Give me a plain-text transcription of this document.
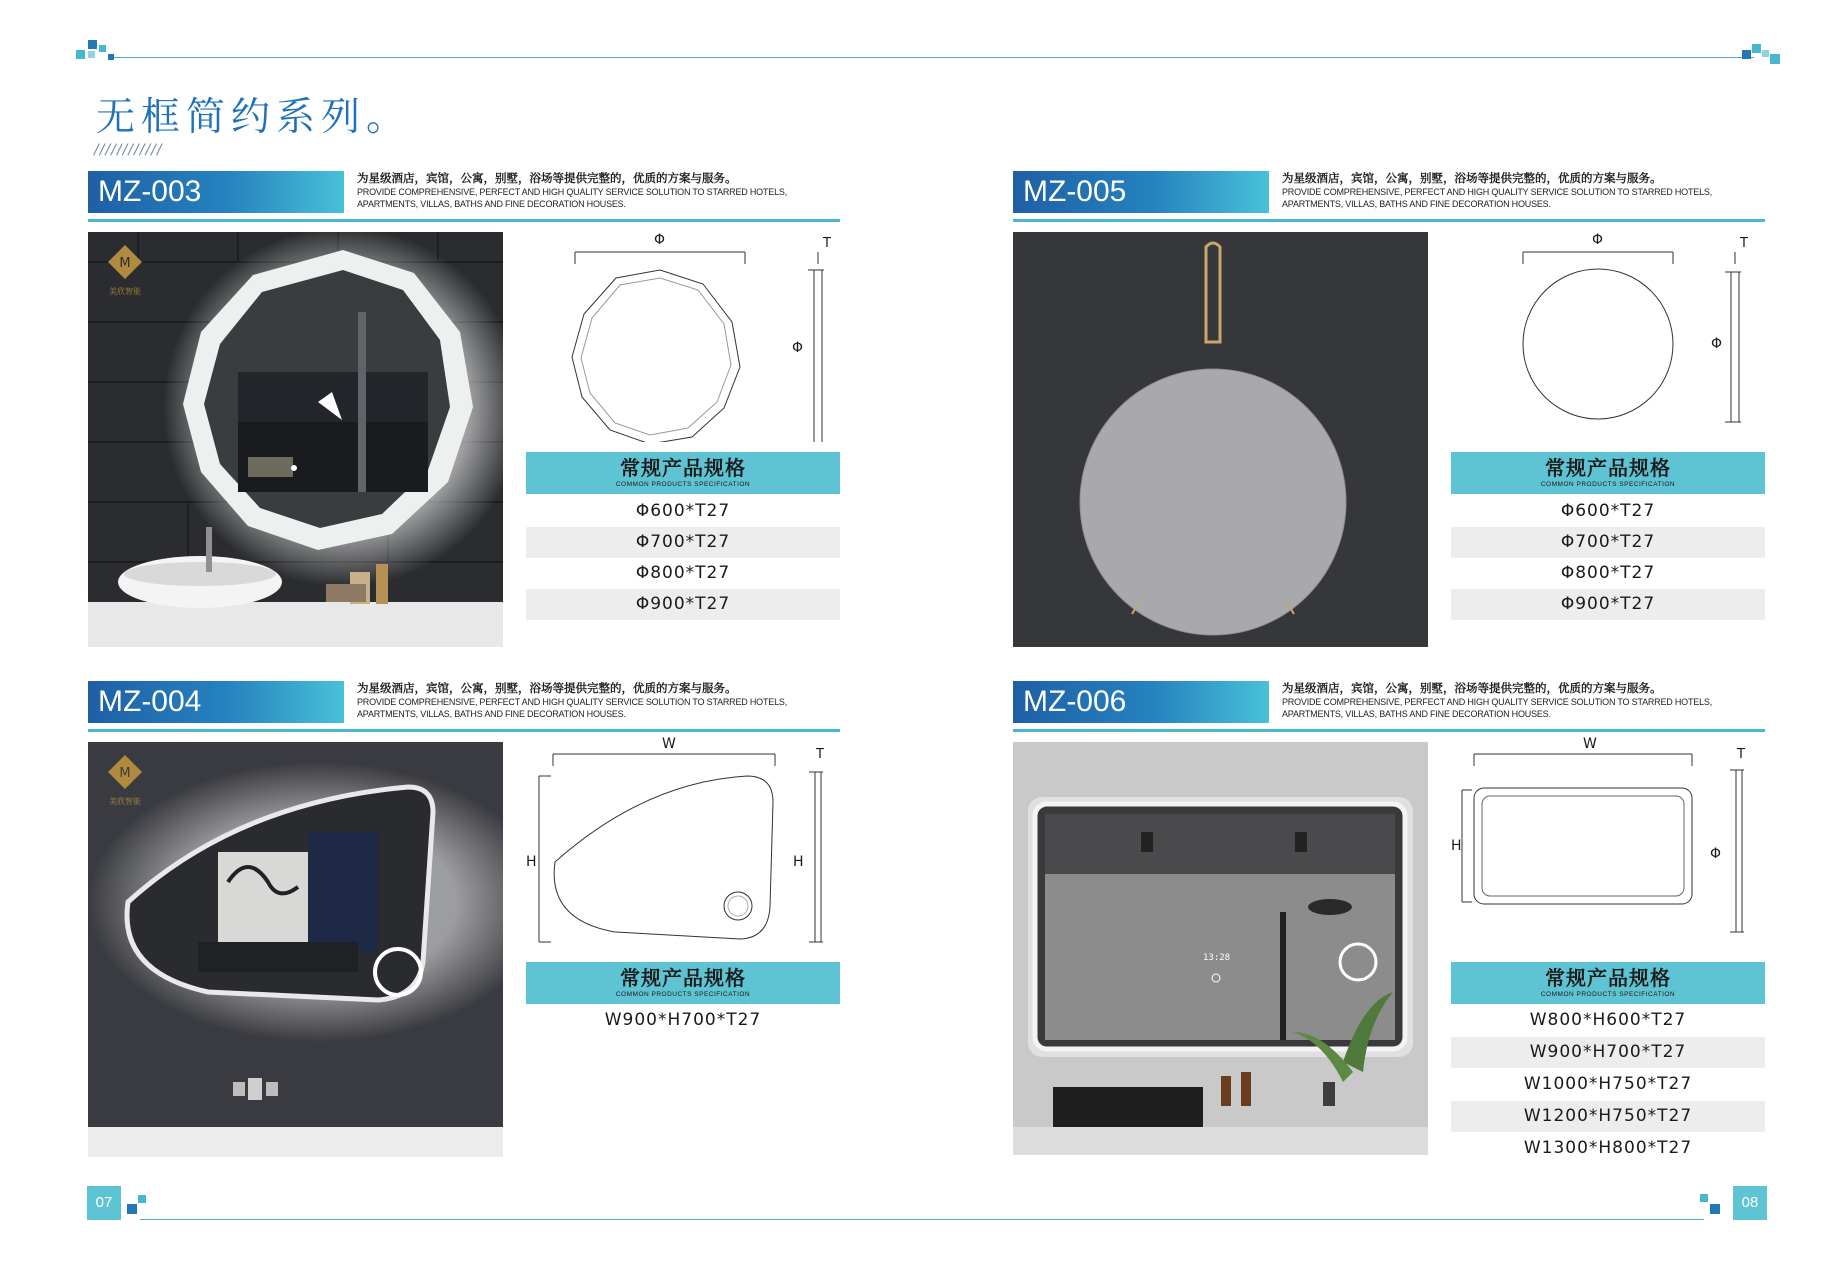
无框简约系列。
////////////
MZ-003	为星级酒店，宾馆，公寓，别墅，浴场等提供完整的，优质的方案与服务。
PROVIDE COMPREHENSIVE, PERFECT AND HIGH QUALITY SERVICE SOLUTION TO STARRED HOTELS,
APARTMENTS, VILLAS, BATHS AND FINE DECORATION HOUSES.
M
美欣智能
Φ
Φ
T
常规产品规格
COMMON PRODUCTS SPECIFICATION
Φ600*T27
Φ700*T27
Φ800*T27
Φ900*T27
MZ-005	为星级酒店，宾馆，公寓，别墅，浴场等提供完整的，优质的方案与服务。
PROVIDE COMPREHENSIVE, PERFECT AND HIGH QUALITY SERVICE SOLUTION TO STARRED HOTELS,
APARTMENTS, VILLAS, BATHS AND FINE DECORATION HOUSES.
Φ
Φ
T
常规产品规格
COMMON PRODUCTS SPECIFICATION
Φ600*T27
Φ700*T27
Φ800*T27
Φ900*T27
MZ-004	为星级酒店，宾馆，公寓，别墅，浴场等提供完整的，优质的方案与服务。
PROVIDE COMPREHENSIVE, PERFECT AND HIGH QUALITY SERVICE SOLUTION TO STARRED HOTELS,
APARTMENTS, VILLAS, BATHS AND FINE DECORATION HOUSES.
M
美欣智能
W
H	H
T
常规产品规格
COMMON PRODUCTS SPECIFICATION
W900*H700*T27
MZ-006	为星级酒店，宾馆，公寓，别墅，浴场等提供完整的，优质的方案与服务。
PROVIDE COMPREHENSIVE, PERFECT AND HIGH QUALITY SERVICE SOLUTION TO STARRED HOTELS,
APARTMENTS, VILLAS, BATHS AND FINE DECORATION HOUSES.
13:28
W
H	Φ
T
常规产品规格
COMMON PRODUCTS SPECIFICATION
W800*H600*T27
W900*H700*T27
W1000*H750*T27
W1200*H750*T27
W1300*H800*T27
07	08
